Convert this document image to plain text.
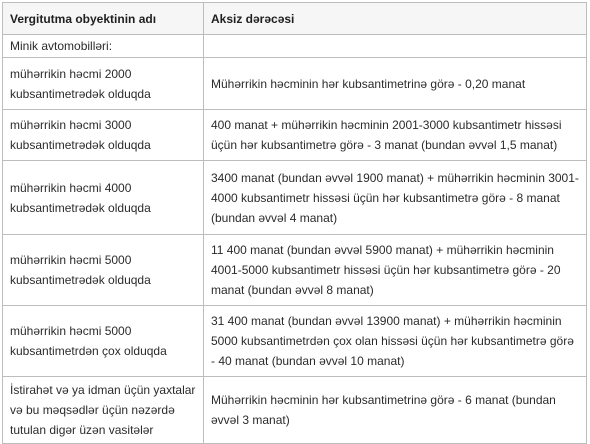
Vergitutma obyektinin adı	Aksiz dərəcəsi
Minik avtomobilləri:	
mühərrikin həcmi 2000 kubsantimetrədək olduqda	Mühərrikin həcminin hər kubsantimetrinə görə - 0,20 manat
mühərrikin həcmi 3000 kubsantimetrədək olduqda	400 manat + mühərrikin həcminin 2001-3000 kubsantimetr hissəsi üçün hər kubsantimetrə görə - 3 manat (bundan əvvəl 1,5 manat)
mühərrikin həcmi 4000 kubsantimetrədək olduqda	3400 manat (bundan əvvəl 1900 manat) + mühərrikin həcminin 3001-4000 kubsantimetr hissəsi üçün hər kubsantimetrə görə - 8 manat (bundan əvvəl 4 manat)
mühərrikin həcmi 5000 kubsantimetrədək olduqda	11 400 manat (bundan əvvəl 5900 manat) + mühərrikin həcminin 4001-5000 kubsantimetr hissəsi üçün hər kubsantimetrə görə - 20 manat (bundan əvvəl 8 manat)
mühərrikin həcmi 5000 kubsantimetrdən çox olduqda	31 400 manat (bundan əvvəl 13900 manat) + mühərrikin həcminin 5000 kubsantimetrdən çox olan hissəsi üçün hər kubsantimetrə görə - 40 manat (bundan əvvəl 10 manat)
İstirahət və ya idman üçün yaxtalar və bu məqsədlər üçün nəzərdə tutulan digər üzən vasitələr	Mühərrikin həcminin hər kubsantimetrinə görə - 6 manat (bundan əvvəl 3 manat)
